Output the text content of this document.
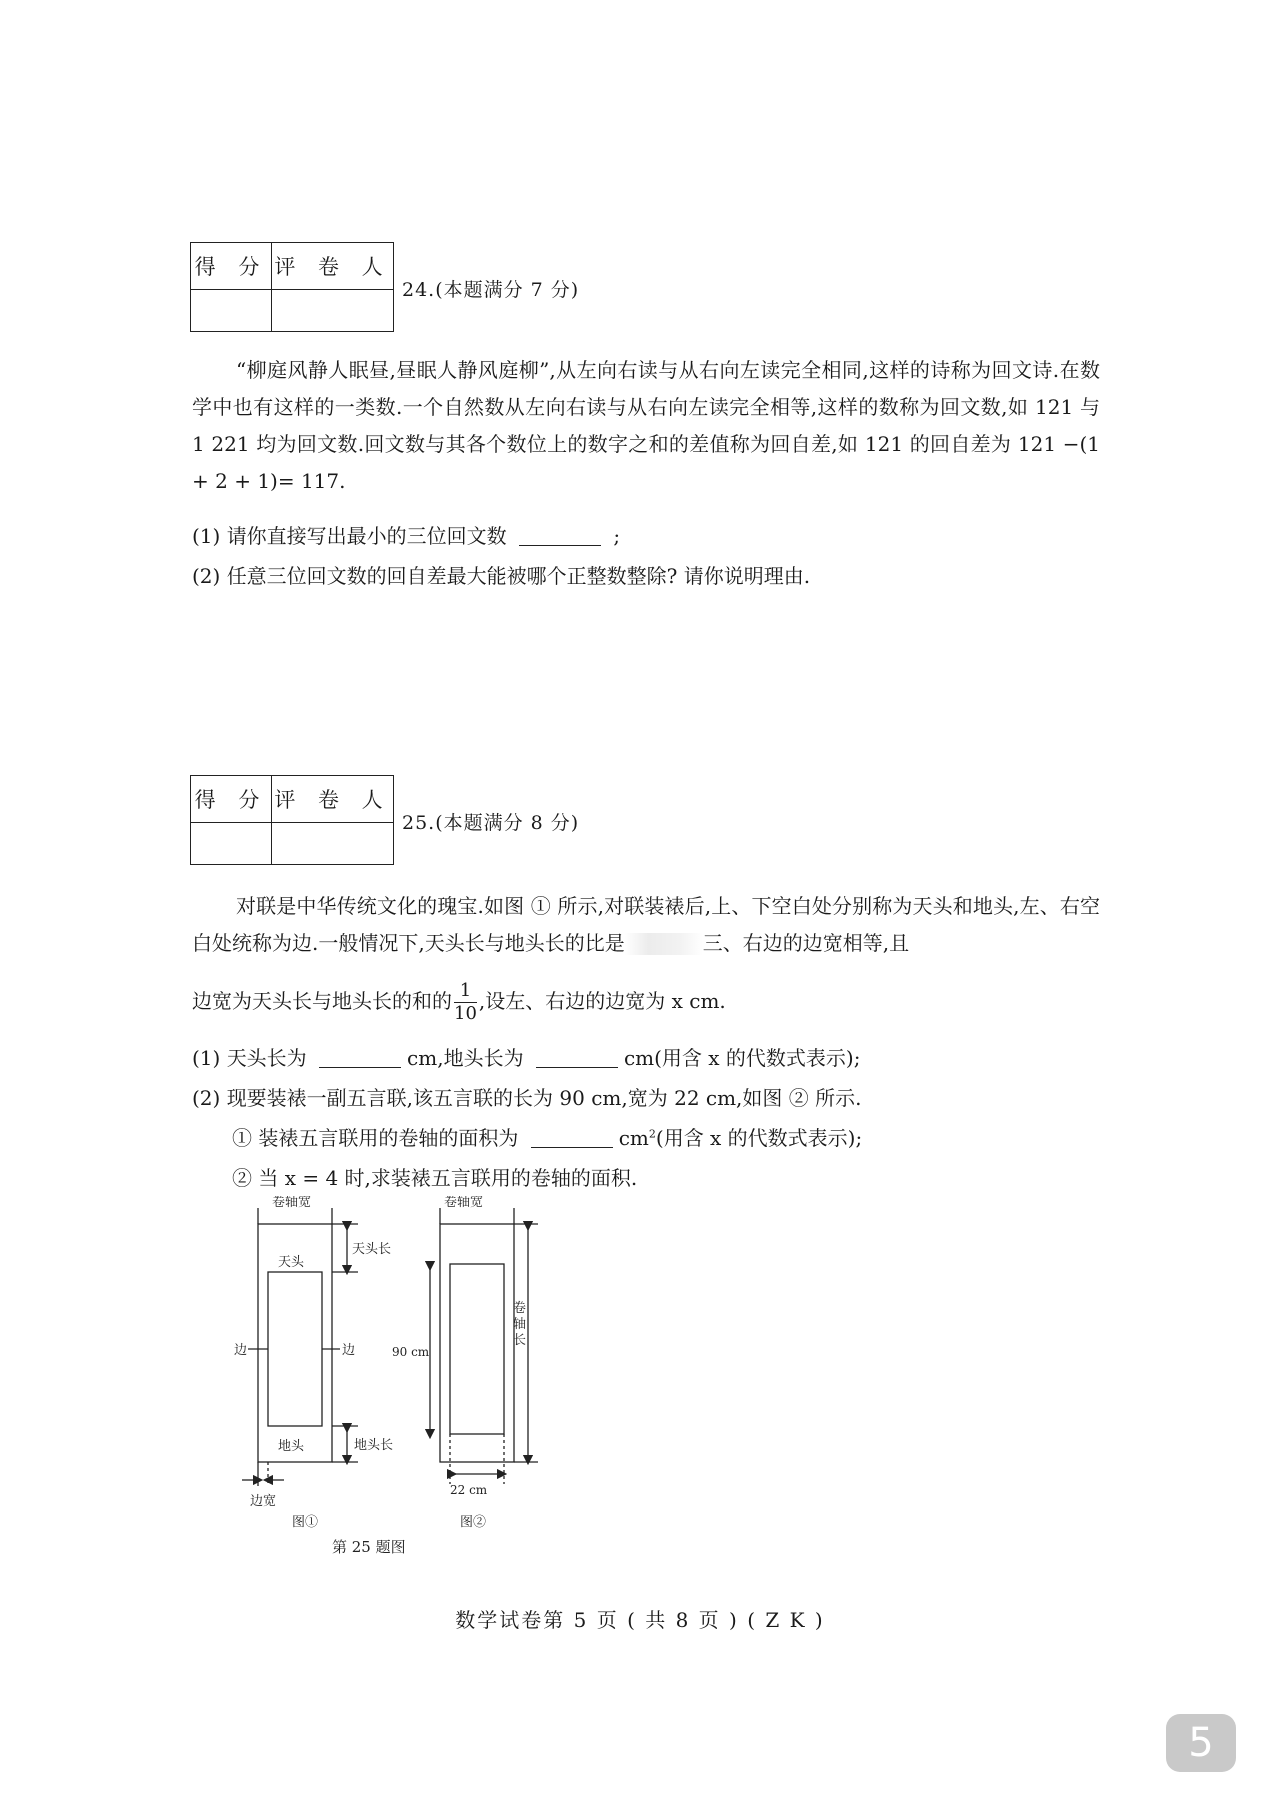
得 分	评 卷 人

24.(本题满分 7 分)
“柳庭风静人眠昼,昼眠人静风庭柳”,从左向右读与从右向左读完全相同,这样的诗称为回文诗.在数学中也有这样的一类数.一个自然数从左向右读与从右向左读完全相等,这样的数称为回文数,如 121 与 1 221 均为回文数.回文数与其各个数位上的数字之和的差值称为回自差,如 121 的回自差为 121 −(1 + 2 + 1)= 117.
(1) 请你直接写出最小的三位回文数	;
(2) 任意三位回文数的回自差最大能被哪个正整数整除? 请你说明理由.
得 分	评 卷 人

25.(本题满分 8 分)
对联是中华传统文化的瑰宝.如图 ① 所示,对联装裱后,上、下空白处分别称为天头和地头,左、右空白处统称为边.一般情况下,天头长与地头长的比是	三、右边的边宽相等,且
边宽为天头长与地头长的和的 $\frac{1}{10}$ ,设左、右边的边宽为 x cm.
(1) 天头长为	cm,地头长为	cm(用含 x 的代数式表示);
(2) 现要装裱一副五言联,该五言联的长为 90 cm,宽为 22 cm,如图 ② 所示.
① 装裱五言联用的卷轴的面积为	$cm^2$(用含 x 的代数式表示);
② 当 x = 4 时,求装裱五言联用的卷轴的面积.
卷轴宽
天头
天头长
边	边
地头	地头长
边宽
图①
卷轴宽
90 cm
卷
轴
长
22 cm
图②
第 25 题图
数学试卷第 5 页 ( 共 8 页 ) ( Z K )
5
